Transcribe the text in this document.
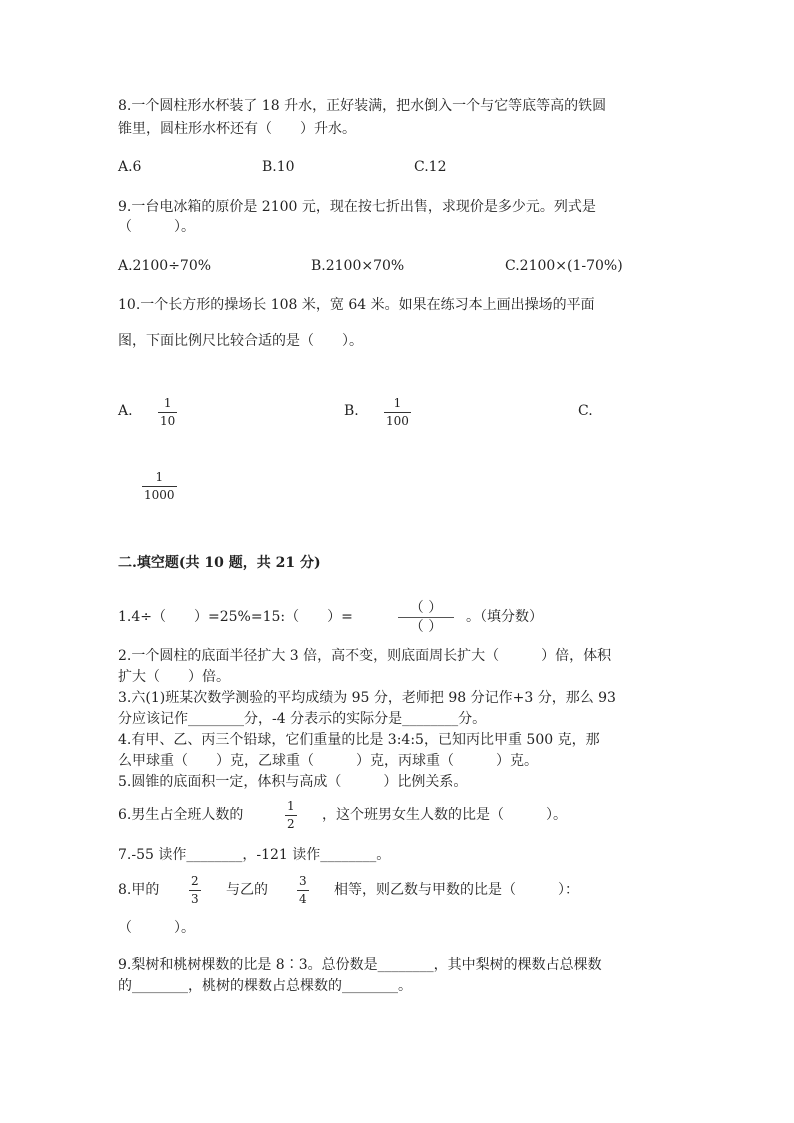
8.一个圆柱形水杯装了 18 升水，正好装满，把水倒入一个与它等底等高的铁圆
锥里，圆柱形水杯还有（　　）升水。
A.6	B.10	C.12
9.一台电冰箱的原价是 2100 元，现在按七折出售，求现价是多少元。列式是
（　　　）。
A.2100÷70%	B.2100×70%	C.2100×(1-70%)
10.一个长方形的操场长 108 米，宽 64 米。如果在练习本上画出操场的平面
图，下面比例尺比较合适的是（　　）。
A.	1
10
B.	1
100
C.
1
1000
二.填空题(共 10 题，共 21 分)
1.4÷（　　）=25%=15:（　　）=
（ ）
（ ）
。（填分数）
2.一个圆柱的底面半径扩大 3 倍，高不变，则底面周长扩大（　　　）倍，体积
扩大（　　）倍。
3.六(1)班某次数学测验的平均成绩为 95 分，老师把 98 分记作+3 分，那么 93
分应该记作________分，-4 分表示的实际分是________分。
4.有甲、乙、丙三个铅球，它们重量的比是 3:4:5，已知丙比甲重 500 克，那
么甲球重（　　）克，乙球重（　　　）克，丙球重（　　　）克。
5.圆锥的底面积一定，体积与高成（　　　）比例关系。
6.男生占全班人数的
1
2
，这个班男女生人数的比是（　　　）。
7.-55 读作________，-121 读作________。
8.甲的
2
3
与乙的
3
4
相等，则乙数与甲数的比是（　　　）：
（　　　）。
9.梨树和桃树棵数的比是 8∶3。总份数是________，其中梨树的棵数占总棵数
的________，桃树的棵数占总棵数的________。
